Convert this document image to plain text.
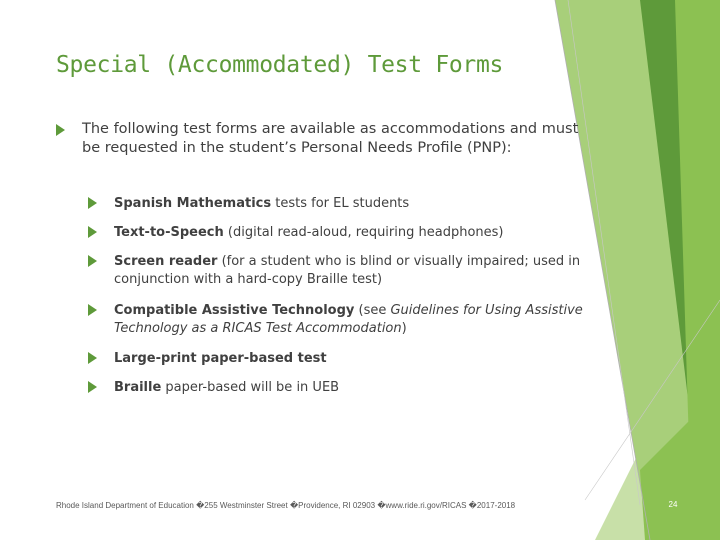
Special (Accommodated) Test Forms
The following test forms are available as accommodations and must be requested in the student’s Personal Needs Profile (PNP):
Spanish Mathematics tests for EL students
Text-to-Speech (digital read-aloud, requiring headphones)
Screen reader (for a student who is blind or visually impaired; used in conjunction with a hard-copy Braille test)
Compatible Assistive Technology (see Guidelines for Using Assistive Technology as a RICAS Test Accommodation)
Large-print paper-based test
Braille paper-based will be in UEB
Rhode Island Department of Education �255 Westminster Street �Providence, RI 02903 �www.ride.ri.gov/RICAS �2017-2018	24
